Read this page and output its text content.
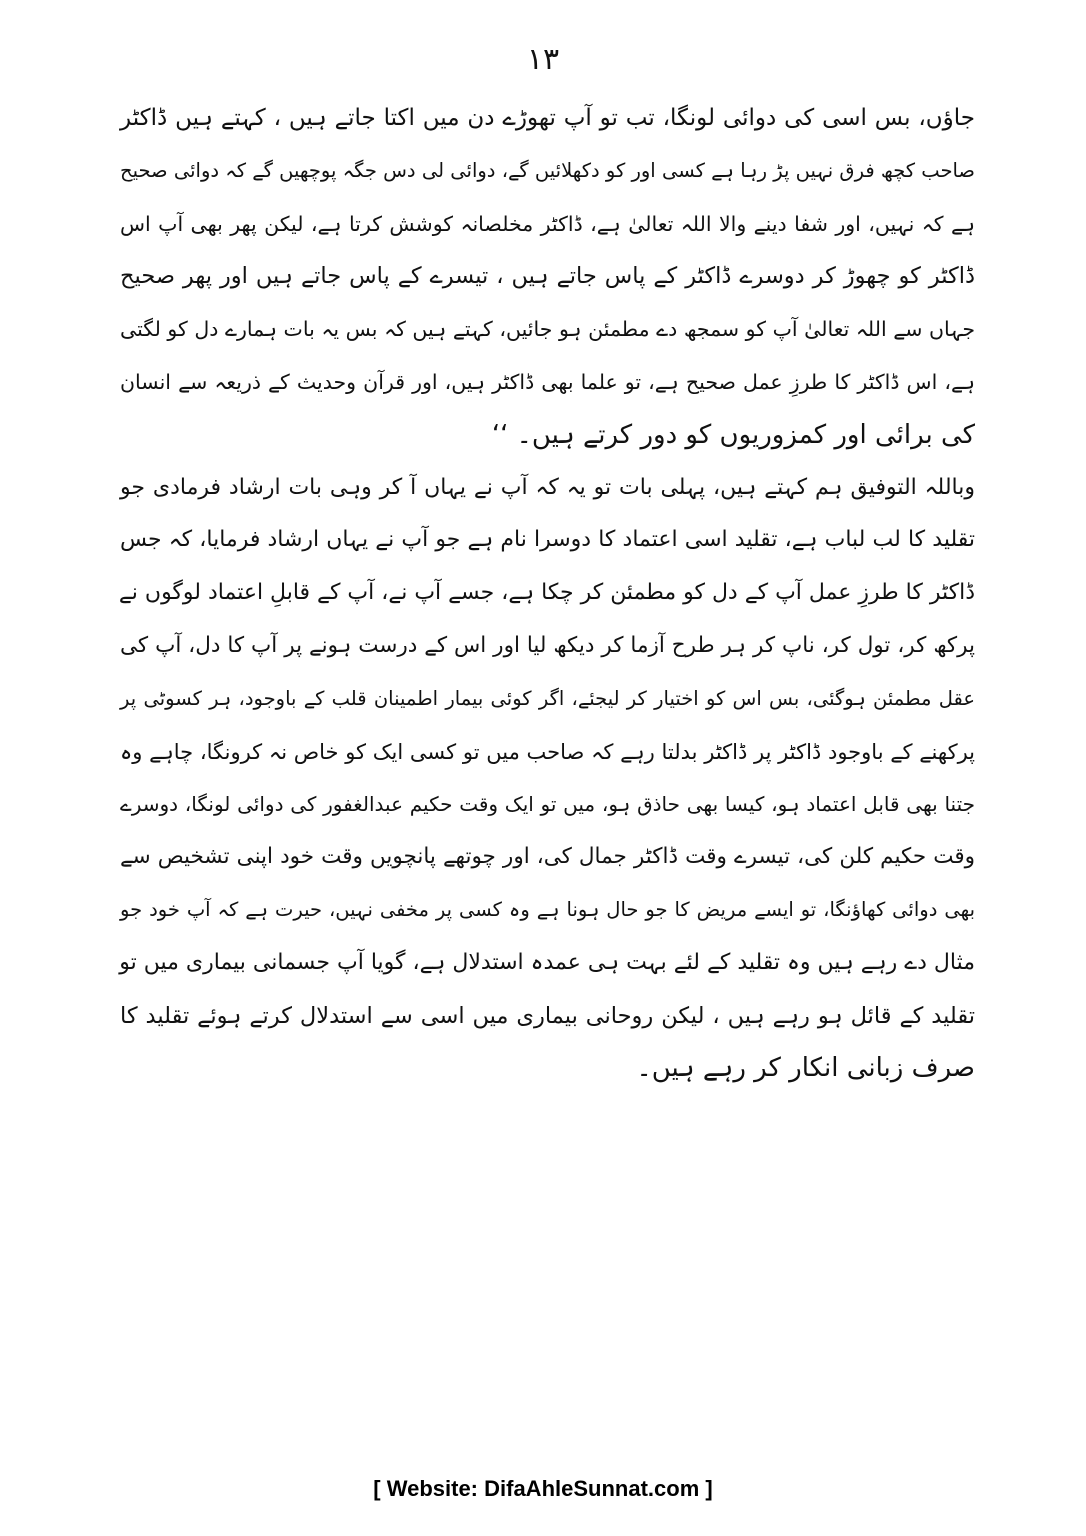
۱۳
جاؤں، بس اسی کی دوائی لونگا، تب تو آپ تھوڑے دن میں اکتا جاتے ہیں ، کہتے ہیں ڈاکٹر
صاحب کچھ فرق نہیں پڑ رہا ہے کسی اور کو دکھلائیں گے، دوائی لی دس جگہ پوچھیں گے کہ دوائی صحیح
ہے کہ نہیں، اور شفا دینے والا اللہ تعالیٰ ہے، ڈاکٹر مخلصانہ کوشش کرتا ہے، لیکن پھر بھی آپ اس
ڈاکٹر کو چھوڑ کر دوسرے ڈاکٹر کے پاس جاتے ہیں ، تیسرے کے پاس جاتے ہیں اور پھر صحیح
جہاں سے اللہ تعالیٰ آپ کو سمجھ دے مطمئن ہو جائیں، کہتے ہیں کہ بس یہ بات ہمارے دل کو لگتی
ہے، اس ڈاکٹر کا طرزِ عمل صحیح ہے، تو علما بھی ڈاکٹر ہیں، اور قرآن وحدیث کے ذریعہ سے انسان
کی برائی اور کمزوریوں کو دور کرتے ہیں۔ ‘‘
وباللہ التوفیق ہم کہتے ہیں، پہلی بات تو یہ کہ آپ نے یہاں آ کر وہی بات ارشاد فرمادی جو
تقلید کا لب لباب ہے، تقلید اسی اعتماد کا دوسرا نام ہے جو آپ نے یہاں ارشاد فرمایا، کہ جس
ڈاکٹر کا طرزِ عمل آپ کے دل کو مطمئن کر چکا ہے، جسے آپ نے، آپ کے قابلِ اعتماد لوگوں نے
پرکھ کر، تول کر، ناپ کر ہر طرح آزما کر دیکھ لیا اور اس کے درست ہونے پر آپ کا دل، آپ کی
عقل مطمئن ہوگئی، بس اس کو اختیار کر لیجئے، اگر کوئی بیمار اطمینان قلب کے باوجود، ہر کسوٹی پر
پرکھنے کے باوجود ڈاکٹر پر ڈاکٹر بدلتا رہے کہ صاحب میں تو کسی ایک کو خاص نہ کرونگا، چاہے وہ
جتنا بھی قابل اعتماد ہو، کیسا بھی حاذق ہو، میں تو ایک وقت حکیم عبدالغفور کی دوائی لونگا، دوسرے
وقت حکیم کلن کی، تیسرے وقت ڈاکٹر جمال کی، اور چوتھے پانچویں وقت خود اپنی تشخیص سے
بھی دوائی کھاؤنگا، تو ایسے مریض کا جو حال ہونا ہے وہ کسی پر مخفی نہیں، حیرت ہے کہ آپ خود جو
مثال دے رہے ہیں وہ تقلید کے لئے بہت ہی عمدہ استدلال ہے، گویا آپ جسمانی بیماری میں تو
تقلید کے قائل ہو رہے ہیں ، لیکن روحانی بیماری میں اسی سے استدلال کرتے ہوئے تقلید کا
صرف زبانی انکار کر رہے ہیں۔
[ Website: DifaAhleSunnat.com ]
